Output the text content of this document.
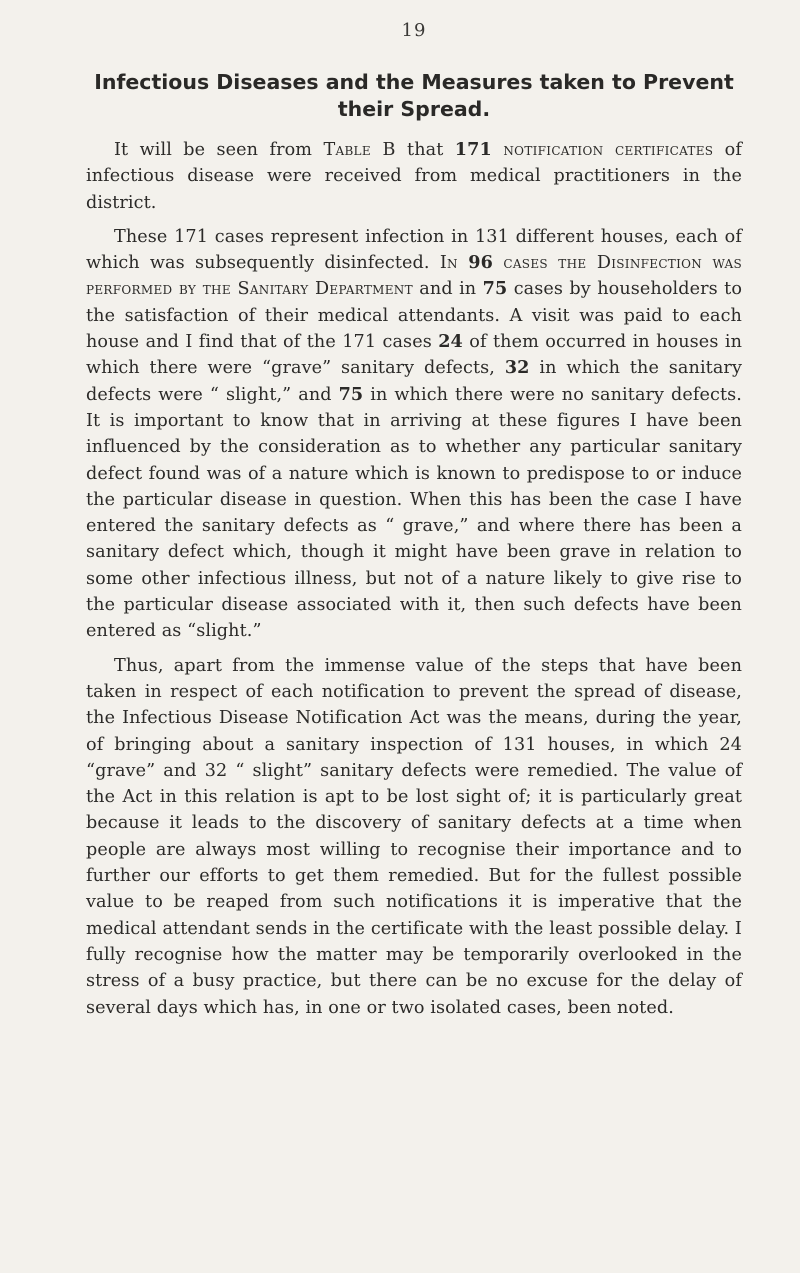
19
Infectious Diseases and the Measures taken to Prevent their Spread.

It will be seen from Table B that 171 notification certificates of infectious disease were received from medical practitioners in the district.

These 171 cases represent infection in 131 different houses, each of which was subsequently disinfected. In 96 cases the Disinfection was performed by the Sanitary Department and in 75 cases by householders to the satisfaction of their medical attendants. A visit was paid to each house and I find that of the 171 cases 24 of them occurred in houses in which there were “grave” sanitary defects, 32 in which the sanitary defects were “ slight,” and 75 in which there were no sanitary defects. It is important to know that in arriving at these figures I have been influenced by the consideration as to whether any particular sanitary defect found was of a nature which is known to predispose to or induce the particular disease in question. When this has been the case I have entered the sanitary defects as “ grave,” and where there has been a sanitary defect which, though it might have been grave in relation to some other infectious illness, but not of a nature likely to give rise to the particular disease associated with it, then such defects have been entered as “slight.”

Thus, apart from the immense value of the steps that have been taken in respect of each notification to prevent the spread of disease, the Infectious Disease Notification Act was the means, during the year, of bringing about a sanitary inspection of 131 houses, in which 24 “grave” and 32 “ slight” sanitary defects were remedied. The value of the Act in this relation is apt to be lost sight of; it is particularly great because it leads to the discovery of sanitary defects at a time when people are always most willing to recognise their importance and to further our efforts to get them remedied. But for the fullest possible value to be reaped from such notifications it is imperative that the medical attendant sends in the certificate with the least possible delay. I fully recognise how the matter may be temporarily overlooked in the stress of a busy practice, but there can be no excuse for the delay of several days which has, in one or two isolated cases, been noted.
